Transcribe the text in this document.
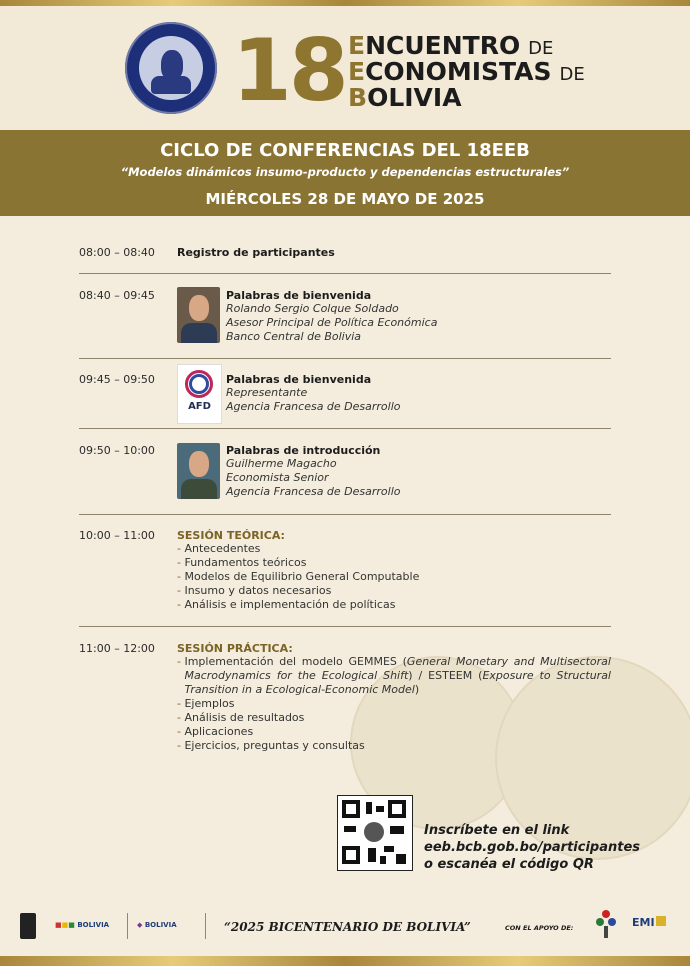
18 ENCUENTRO DE
ECONOMISTAS DE
BOLIVIA
CICLO DE CONFERENCIAS DEL 18EEB
“Modelos dinámicos insumo-producto y dependencias estructurales”
MIÉRCOLES 28 DE MAYO DE 2025
08:00 – 08:40 Registro de participantes
08:40 – 09:45	Palabras de bienvenida
Rolando Sergio Colque Soldado
Asesor Principal de Política Económica
Banco Central de Bolivia
09:45 – 09:50
AFD
Palabras de bienvenida
Representante
Agencia Francesa de Desarrollo
09:50 – 10:00	Palabras de introducción
Guilherme Magacho
Economista Senior
Agencia Francesa de Desarrollo
10:00 – 11:00 SESIÓN TEÓRICA:
- Antecedentes
- Fundamentos teóricos
- Modelos de Equilibrio General Computable
- Insumo y datos necesarios
- Análisis e implementación de políticas
11:00 – 12:00 SESIÓN PRÁCTICA:
- Implementación del modelo GEMMES (General Monetary and Multisectoral Macrodynamics for the Ecological Shift) / ESTEEM (Exposure to Structural Transition in a Ecological-Economic Model)
- Ejemplos
- Análisis de resultados
- Aplicaciones
- Ejercicios, preguntas y consultas
Inscríbete en el link
eeb.bcb.gob.bo/participantes
o escanéa el código QR
■■■ BOLIVIA	◆ BOLIVIA	“2025 BICENTENARIO DE BOLIVIA”	CON EL APOYO DE:	EMI
